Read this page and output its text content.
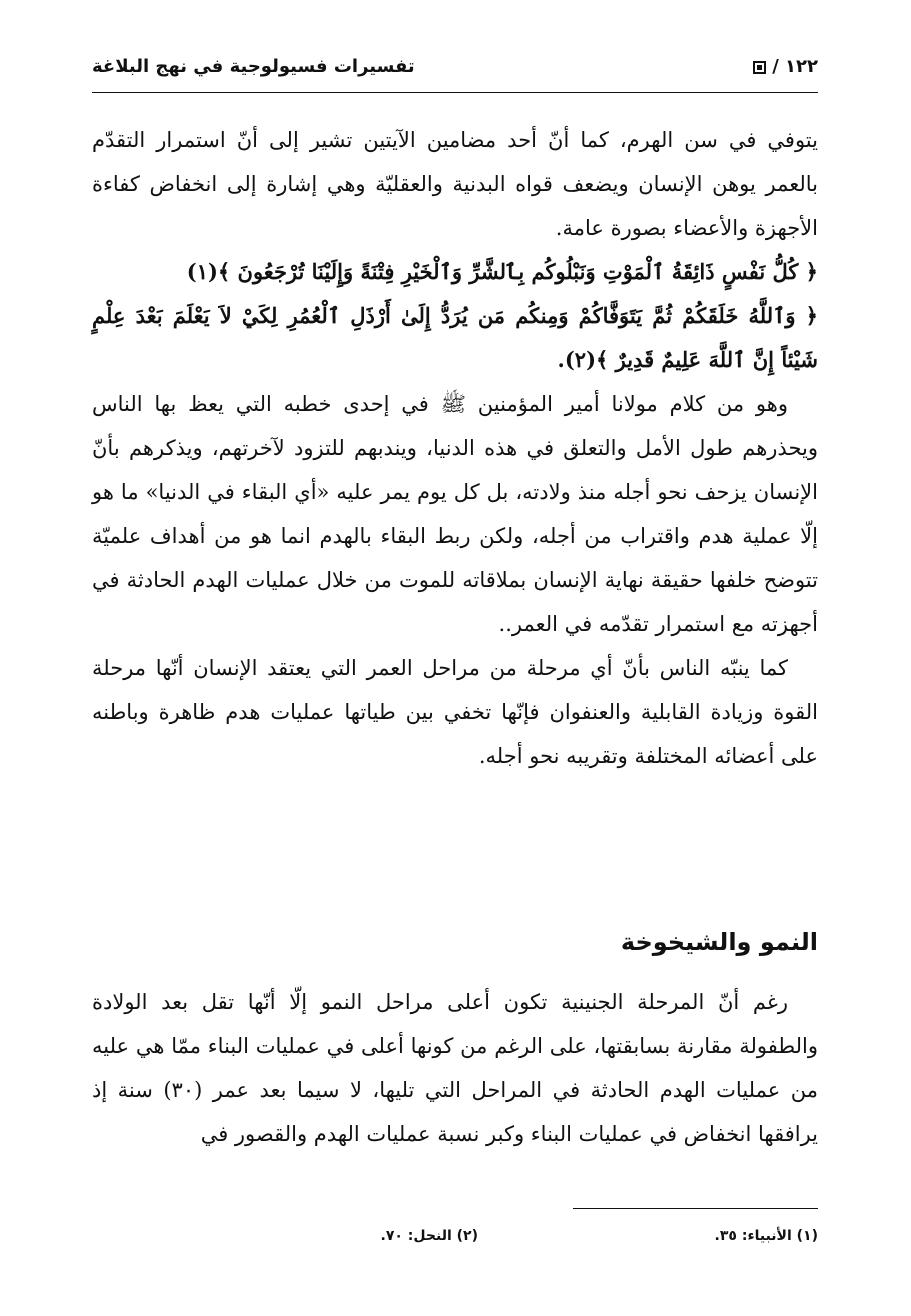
١٢٢ /
تفسيرات فسيولوجية في نهج البلاغة

يتوفي في سن الهرم، كما أنّ أحد مضامين الآيتين تشير إلى أنّ استمرار التقدّم بالعمر يوهن الإنسان ويضعف قواه البدنية والعقليّة وهي إشارة إلى انخفاض كفاءة الأجهزة والأعضاء بصورة عامة.

﴿ كُلُّ نَفْسٍ ذَائِقَةُ ٱلْمَوْتِ وَنَبْلُوكُم بِٱلشَّرِّ وَٱلْخَيْرِ فِتْنَةً وَإِلَيْنَا تُرْجَعُونَ ﴾(١)

﴿ وَٱللَّهُ خَلَقَكُمْ ثُمَّ يَتَوَفَّاكُمْ وَمِنكُم مَن يُرَدُّ إِلَىٰ أَرْذَلِ ٱلْعُمُرِ لِكَيْ لاَ يَعْلَمَ بَعْدَ عِلْمٍ شَيْئاً إِنَّ ٱللَّهَ عَلِيمٌ قَدِيرٌ ﴾(٢).

وهو من كلام مولانا أمير المؤمنين ﷺ في إحدى خطبه التي يعظ بها الناس ويحذرهم طول الأمل والتعلق في هذه الدنيا، ويندبهم للتزود لآخرتهم، ويذكرهم بأنّ الإنسان يزحف نحو أجله منذ ولادته، بل كل يوم يمر عليه «أي البقاء في الدنيا» ما هو إلّا عملية هدم واقتراب من أجله، ولكن ربط البقاء بالهدم انما هو من أهداف علميّة تتوضح خلفها حقيقة نهاية الإنسان بملاقاته للموت من خلال عمليات الهدم الحادثة في أجهزته مع استمرار تقدّمه في العمر..

كما ينبّه الناس بأنّ أي مرحلة من مراحل العمر التي يعتقد الإنسان أنّها مرحلة القوة وزيادة القابلية والعنفوان فإنّها تخفي بين طياتها عمليات هدم ظاهرة وباطنه على أعضائه المختلفة وتقريبه نحو أجله.

النمو والشيخوخة

رغم أنّ المرحلة الجنينية تكون أعلى مراحل النمو إلّا أنّها تقل بعد الولادة والطفولة مقارنة بسابقتها، على الرغم من كونها أعلى في عمليات البناء ممّا هي عليه من عمليات الهدم الحادثة في المراحل التي تليها، لا سيما بعد عمر (٣٠) سنة إذ يرافقها انخفاض في عمليات البناء وكبر نسبة عمليات الهدم والقصور في

(١) الأنبياء: ٣٥.
(٢) النحل: ٧٠.
